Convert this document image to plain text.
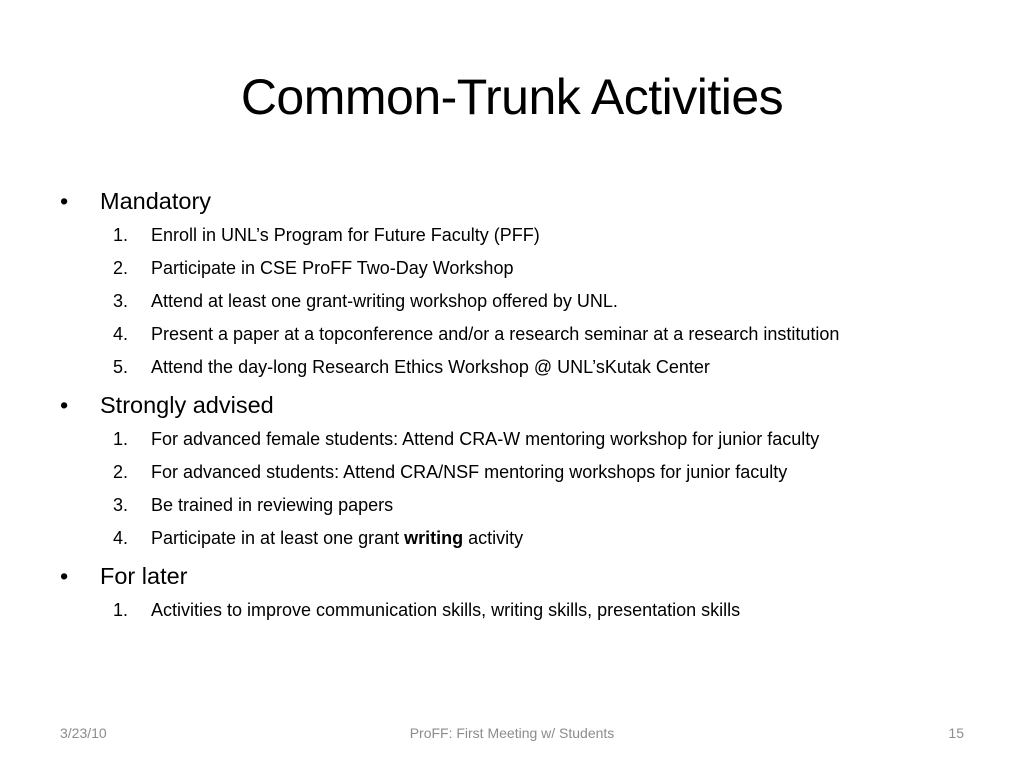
Common-Trunk Activities
•	Mandatory
1. Enroll in UNL’s Program for Future Faculty (PFF)
2. Participate in CSE ProFF Two-Day Workshop
3. Attend at least one grant-writing workshop offered by UNL.
4. Present a paper at a topconference and/or a research seminar at a research institution
5. Attend the day-long Research Ethics Workshop @ UNL’sKutak Center
•	Strongly advised
1. For advanced female students: Attend CRA-W mentoring workshop for junior faculty
2. For advanced students: Attend CRA/NSF mentoring workshops for junior faculty
3. Be trained in reviewing papers
4. Participate in at least one grant writing activity
•	For later
1. Activities to improve communication skills, writing skills, presentation skills
3/23/10	ProFF: First Meeting w/ Students	15
